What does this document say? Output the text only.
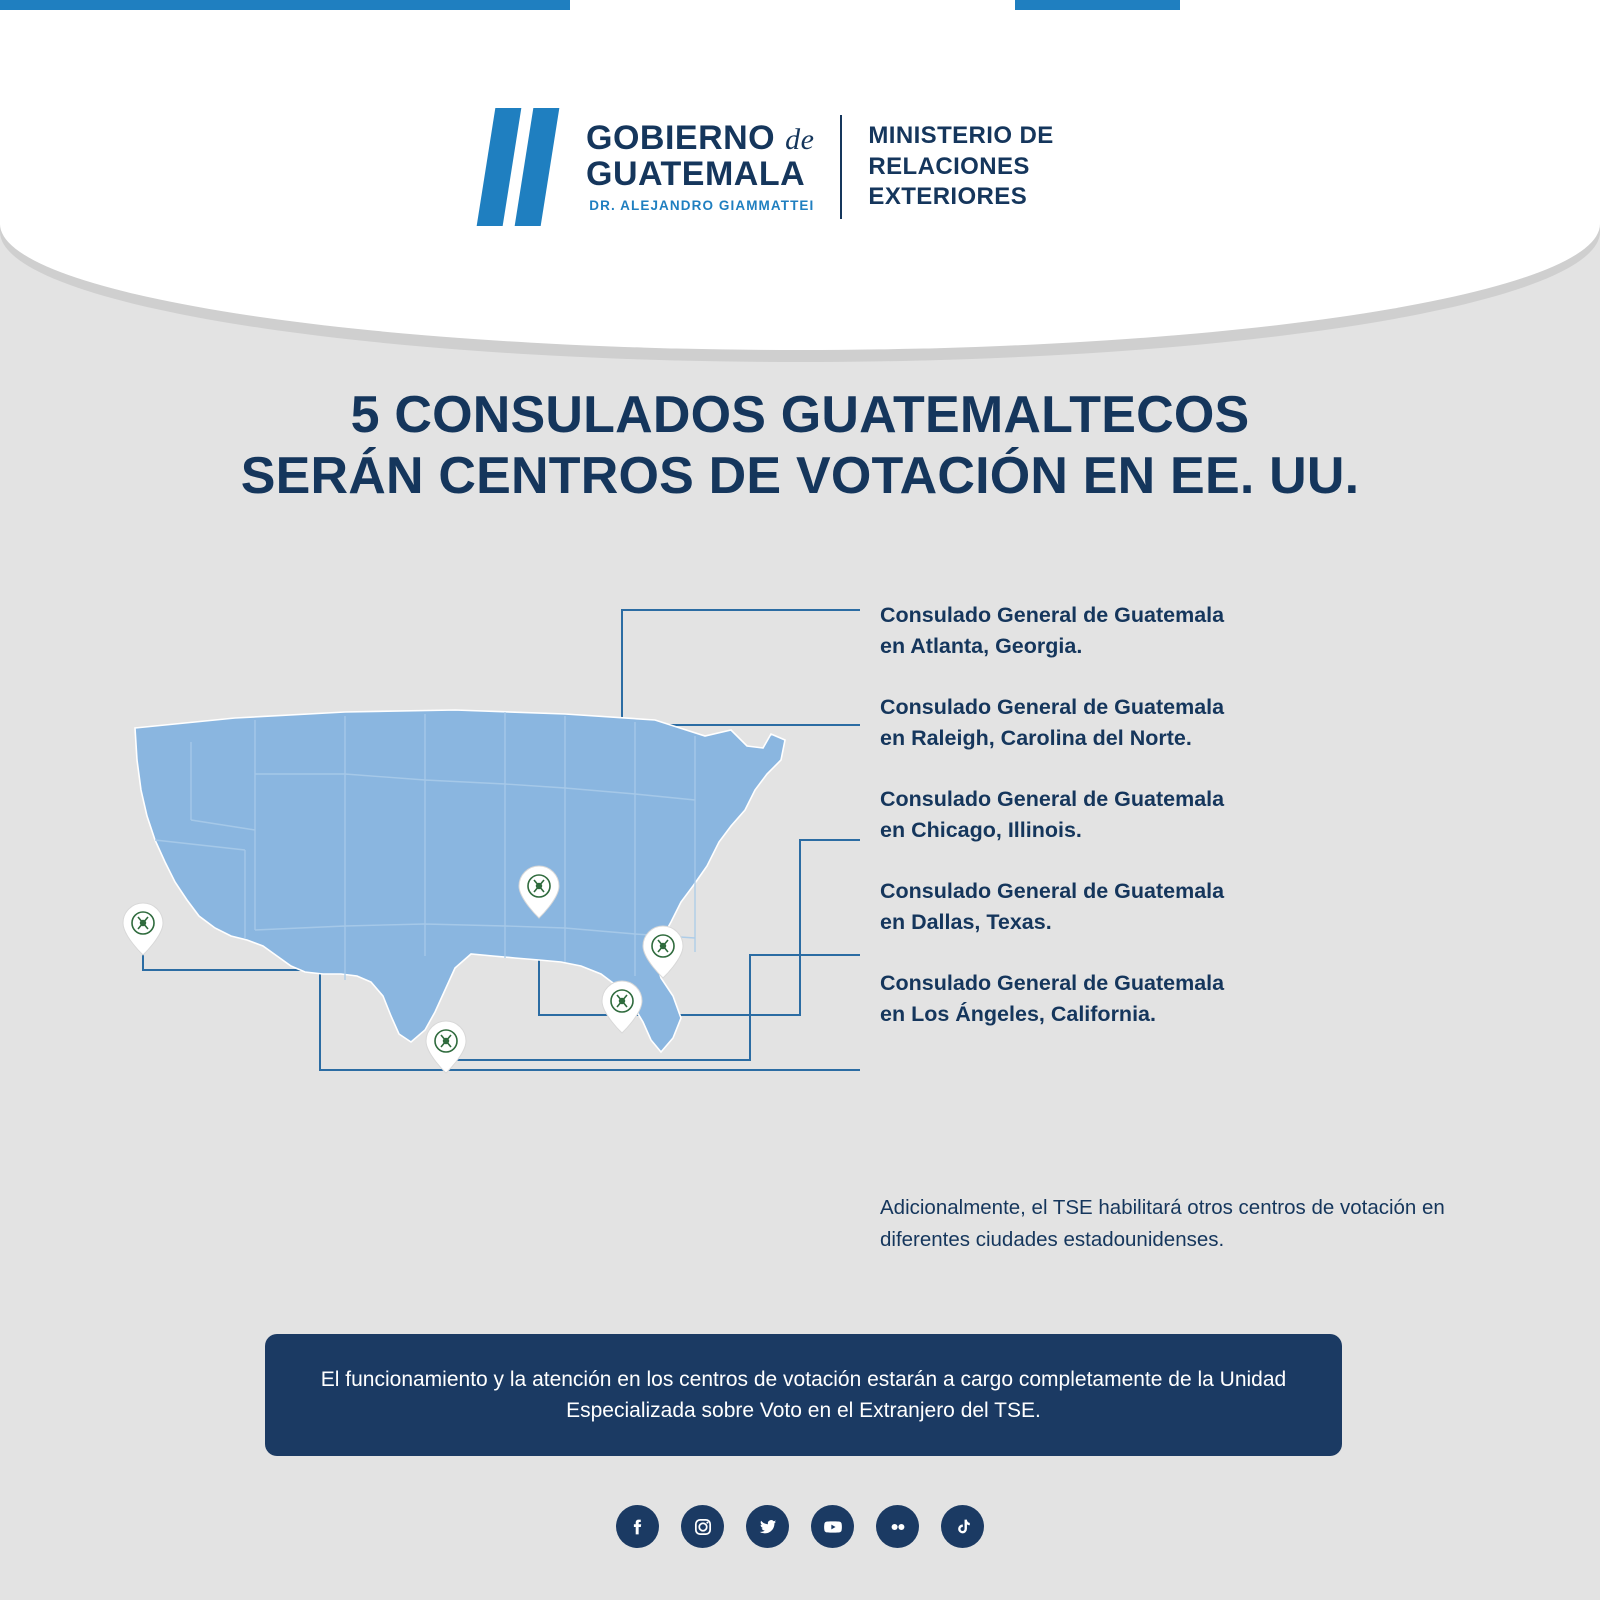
GOBIERNO de
GUATEMALA
DR. ALEJANDRO GIAMMATTEI
MINISTERIO DE
RELACIONES
EXTERIORES
5 CONSULADOS GUATEMALTECOS
SERÁN CENTROS DE VOTACIÓN EN EE. UU.
Consulado General de Guatemala
en Atlanta, Georgia.
Consulado General de Guatemala
en Raleigh, Carolina del Norte.
Consulado General de Guatemala
en Chicago, Illinois.
Consulado General de Guatemala
en Dallas, Texas.
Consulado General de Guatemala
en Los Ángeles, California.
Adicionalmente, el TSE habilitará otros centros de votación en diferentes ciudades estadounidenses.

El funcionamiento y la atención en los centros de votación estarán a cargo completamente de la Unidad Especializada sobre Voto en el Extranjero del TSE.
